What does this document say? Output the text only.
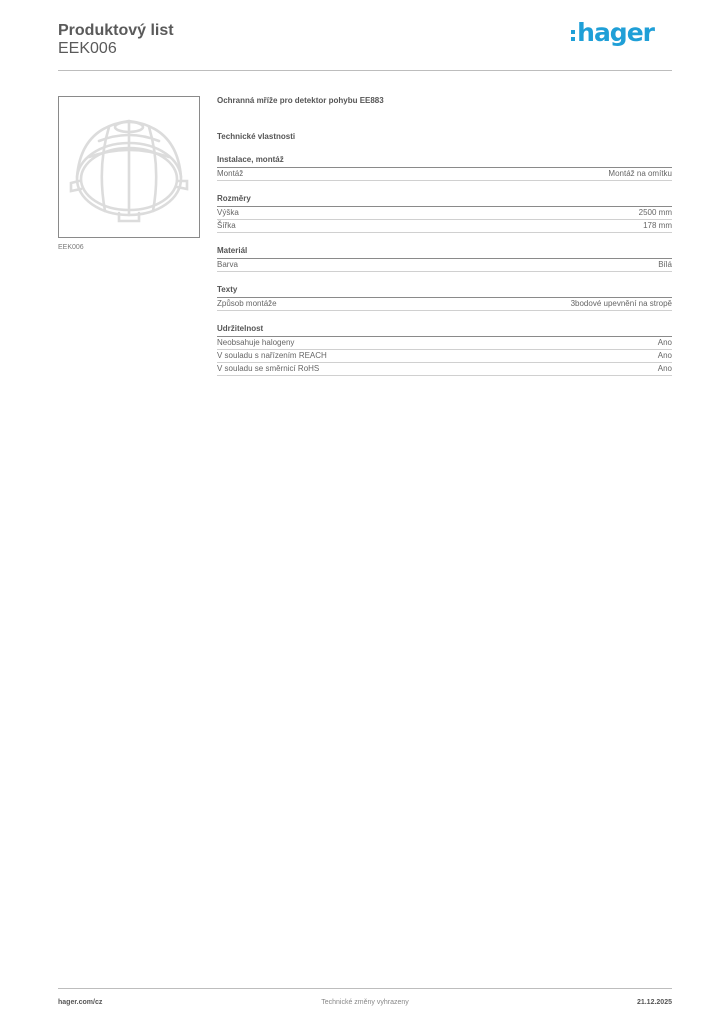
Produktový list
EEK006
hager
EEK006
Ochranná mříže pro detektor pohybu EE883
Technické vlastnosti
Instalace, montáž
Montáž	Montáž na omítku
Rozměry
Výška	2500 mm
Šířka	178 mm
Materiál
Barva	Bílá
Texty
Způsob montáže	3bodové upevnění na stropě
Udržitelnost
Neobsahuje halogeny	Ano
V souladu s nařízením REACH	Ano
V souladu se směrnicí RoHS	Ano
hager.com/cz	Technické změny vyhrazeny	21.12.2025
